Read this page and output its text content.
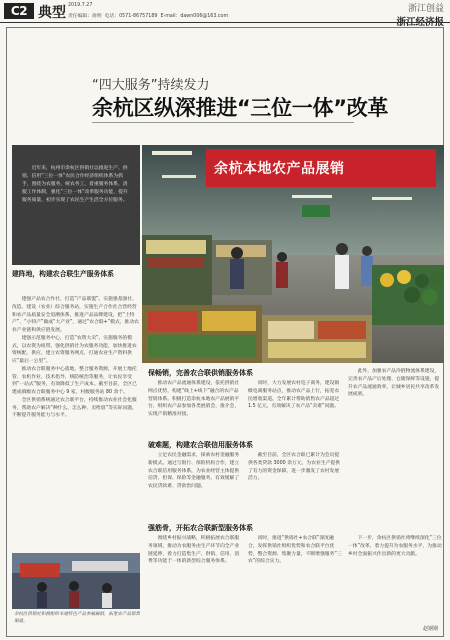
C2 典型 2019.7.27
责任编辑：俞明 电话：0571-86757189 E-mail：dawn006@163.com
浙江创益
“四大服务”持续发力
余杭区纵深推进“三位一体”改革

近年来，杭州市余杭区供销社以推进生产、供销、信用“三位一体”农民合作经济组织体系为抓手，围绕为农服务，统农务工，着重服务体系、清服工作体制，强化“三位一体”改革服务功能，提升服务质量，初步实现了农民生产生活全方位服务。

余杭本地农产品展销
建阵地，构建农合联生产服务体系

建强产品农合作社，打造“产品联盟”。实施强基强社、改造、建设（农业）综合服务站，实施生产合作社合营经营和农产品质量安全追溯体系，推进产品品牌建设，把“土特产”、“小特产”做成“大产业”，通过“农合联+”模式，推动农业产业链和供应链发展。

建强示范服务中心，打造“农资大卖”。实施服务的模式，以农资为纽带。强化供销社为农服务功能，加快推进农资统配、供应，建立农资服务网点，打通农业生产资料供应“最后一公里”。

推动农合联服务中心落地，整合服务资源，开展土地托管、农机作业、技术指导、统防统治等服务，让农民享受到“一站式”服务，有效降低了生产成本。截至目前，全区已建成镇级农合联服务中心 9 家，村级服务站 80 余个。

全区供销系统通过农合联平台，持续推动农业社会化服务，帮助农户解决“种什么、怎么种、卖给谁”等实际问题，不断提升服务能力与水平。

余杭区供销社积极组织本地特色产品参展展销，拓宽农产品销售渠道。
保畅销，完善农合联供销服务体系

推动农产品流通体系建设，依托供销社网点优势，构建“线上+线下”融合的农产品营销体系。积极打造余杭本地农产品展销平台，组织农产品参加各类展销会、推介会，实现产销精准对接。

同时，大力发展农村电子商务，建设镇级电商服务站点，推动农产品上行，拓宽农民增收渠道。全年累计帮助销售农产品超过 1.5 亿元，有效解决了农产品“卖难”问题。

此外，加强农产品冷链物流体系建设，完善农产品产后处理、仓储保鲜等设施，提升农产品流通效率，让城乡居民共享改革发展成果。

破难题，构建农合联信用服务体系

立足农民金融需求，探索农村金融服务新模式。通过与银行、保险机构合作，建立农合联信用服务体系，为农业经营主体提供信贷、担保、保险等金融服务，有效缓解了农民贷款难、贷款贵问题。

截至目前，全区农合联已累计为会员提供各类贷款 3000 余万元，为农业生产提供了有力的资金保障，进一步激发了农村发展活力。

强筋骨，开拓农合联新型服务体系

围绕乡村振兴战略，积极拓展农合联服务领域，推动为农服务由生产环节向全产业链延伸，着力打造集生产、供销、信用、消费等功能于一体的新型综合服务体系。

同时，推进“供销社+农合联”深度融合，发挥供销社组织优势和农合联平台优势，整合资源、集聚力量，不断增强服务“三农”的综合实力。

下一步，余杭区供销社将继续深化“三位一体”改革，着力提升为农服务水平，为推动乡村全面振兴作出新的更大贡献。

赵钢钢
